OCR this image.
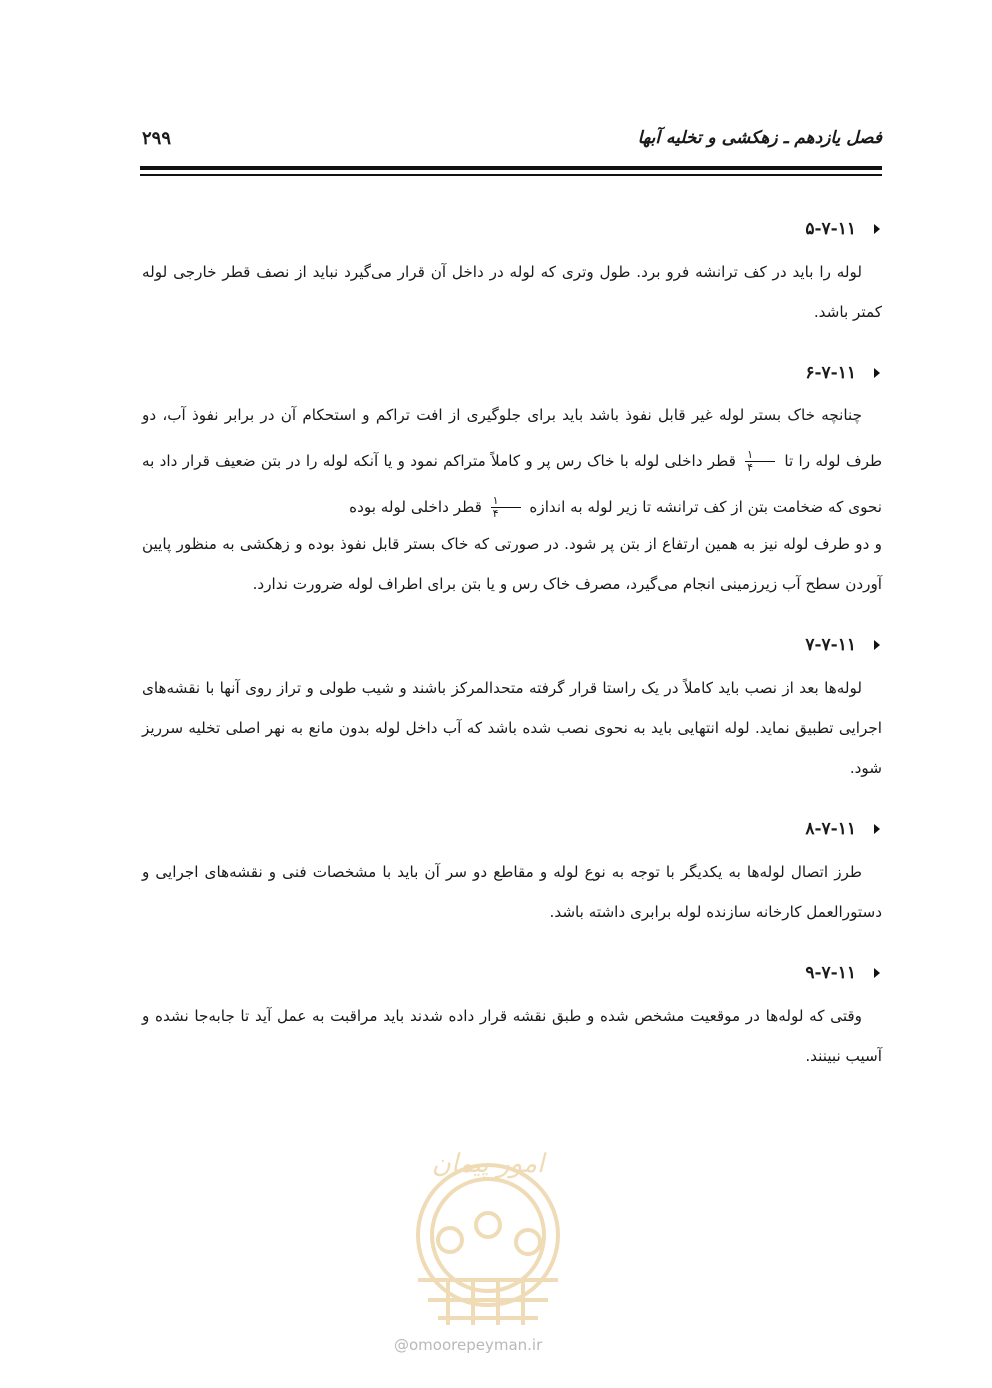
فصل یازدهم ـ زهکشی و تخلیه آبها
۲۹۹
۵-۷-۱۱

لوله را باید در کف ترانشه فرو برد. طول وتری که لوله در داخل آن قرار می‌گیرد نباید از نصف قطر خارجی لوله کمتر باشد.

۶-۷-۱۱

چنانچه خاک بستر لوله غیر قابل نفوذ باشد باید برای جلوگیری از افت تراکم و استحکام آن در برابر نفوذ آب، دو طرف لوله را تا
$\frac{۱}{۴}$
قطر داخلی لوله با خاک رس پر و کاملاً متراکم نمود و یا آنکه لوله را در بتن ضعیف قرار داد به نحوی که ضخامت بتن از کف ترانشه تا زیر لوله به اندازه
$\frac{۱}{۴}$
قطر داخلی لوله بوده

و دو طرف لوله نیز به همین ارتفاع از بتن پر شود. در صورتی که خاک بستر قابل نفوذ بوده و زهکشی به منظور پایین آوردن سطح آب زیرزمینی انجام می‌گیرد، مصرف خاک رس و یا بتن برای اطراف لوله ضرورت ندارد.

۷-۷-۱۱

لوله‌ها بعد از نصب باید کاملاً در یک راستا قرار گرفته متحدالمرکز باشند و شیب طولی و تراز روی آنها با نقشه‌های اجرایی تطبیق نماید. لوله انتهایی باید به نحوی نصب شده باشد که آب داخل لوله بدون مانع به نهر اصلی تخلیه سرریز شود.

۸-۷-۱۱

طرز اتصال لوله‌ها به یکدیگر با توجه به نوع لوله و مقاطع دو سر آن باید با مشخصات فنی و نقشه‌های اجرایی و دستورالعمل کارخانه سازنده لوله برابری داشته باشد.

۹-۷-۱۱

وقتی که لوله‌ها در موقعیت مشخص شده و طبق نقشه قرار داده شدند باید مراقبت به عمل آید تا جابه‌جا نشده و آسیب نبینند.

امور پیمان
@omoorepeyman.ir
